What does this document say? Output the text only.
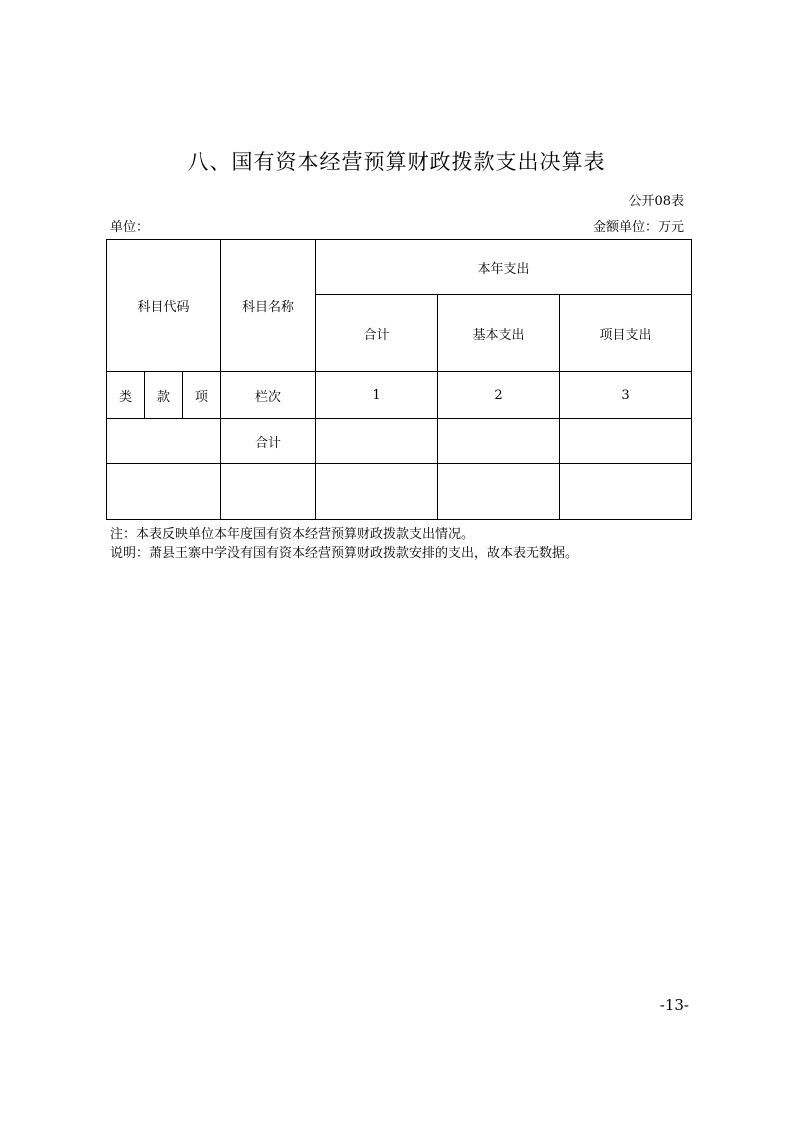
八、国有资本经营预算财政拨款支出决算表
公开08表
单位：	金额单位：万元
科目代码			科目名称	本年支出		
				合计	基本支出	项目支出
类	款	项	栏次	1	2	3
			合计			

注：本表反映单位本年度国有资本经营预算财政拨款支出情况。
说明：萧县王寨中学没有国有资本经营预算财政拨款安排的支出，故本表无数据。
-13-
